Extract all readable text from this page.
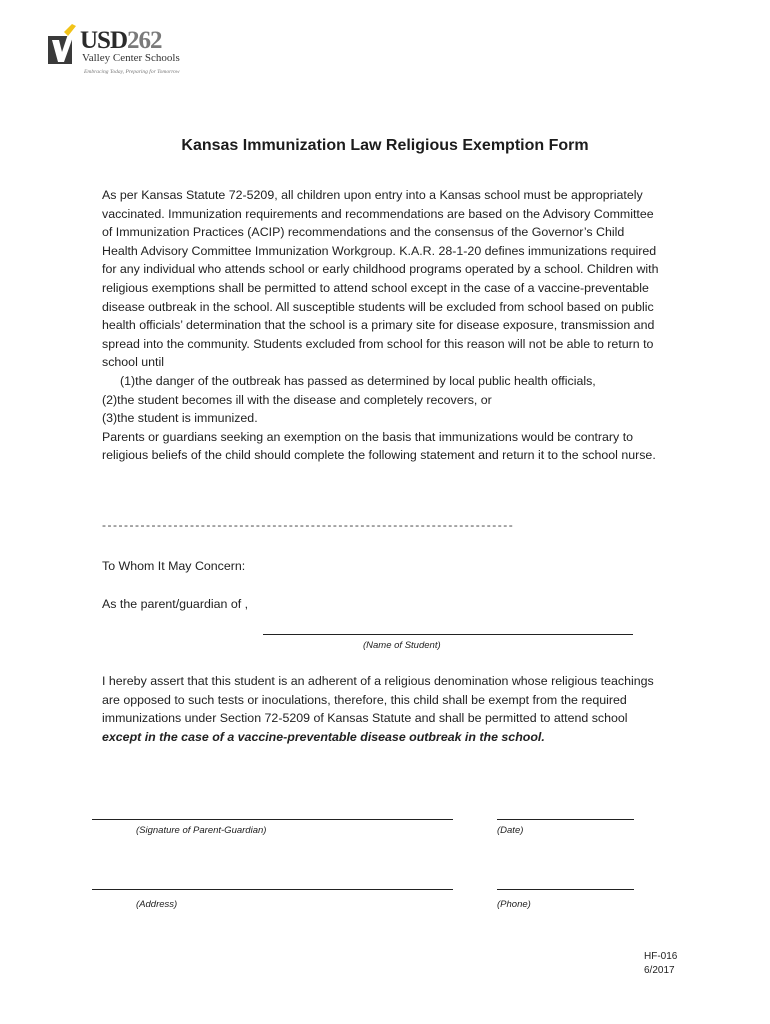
USD262
Valley Center Schools
Embracing Today, Preparing for Tomorrow
Kansas Immunization Law Religious Exemption Form
As per Kansas Statute 72-5209, all children upon entry into a Kansas school must be appropriately vaccinated. Immunization requirements and recommendations are based on the Advisory Committee of Immunization Practices (ACIP) recommendations and the consensus of the Governor’s Child Health Advisory Committee Immunization Workgroup. K.A.R. 28-1-20 defines immunizations required for any individual who attends school or early childhood programs operated by a school. Children with religious exemptions shall be permitted to attend school except in the case of a vaccine-preventable disease outbreak in the school. All susceptible students will be excluded from school based on public health officials’ determination that the school is a primary site for disease exposure, transmission and spread into the community. Students excluded from school for this reason will not be able to return to school until
(1)the danger of the outbreak has passed as determined by local public health officials,
(2)the student becomes ill with the disease and completely recovers, or
(3)the student is immunized.
Parents or guardians seeking an exemption on the basis that immunizations would be contrary to religious beliefs of the child should complete the following statement and return it to the school nurse.
---------------------------------------------------------------------------
To Whom It May Concern:
As the parent/guardian of ,
(Name of Student)
I hereby assert that this student is an adherent of a religious denomination whose religious teachings are opposed to such tests or inoculations, therefore, this child shall be exempt from the required immunizations under Section 72-5209 of Kansas Statute and shall be permitted to attend school except in the case of a vaccine-preventable disease outbreak in the school.
(Signature of Parent-Guardian)	(Date)
(Address)	(Phone)
HF-016
6/2017
